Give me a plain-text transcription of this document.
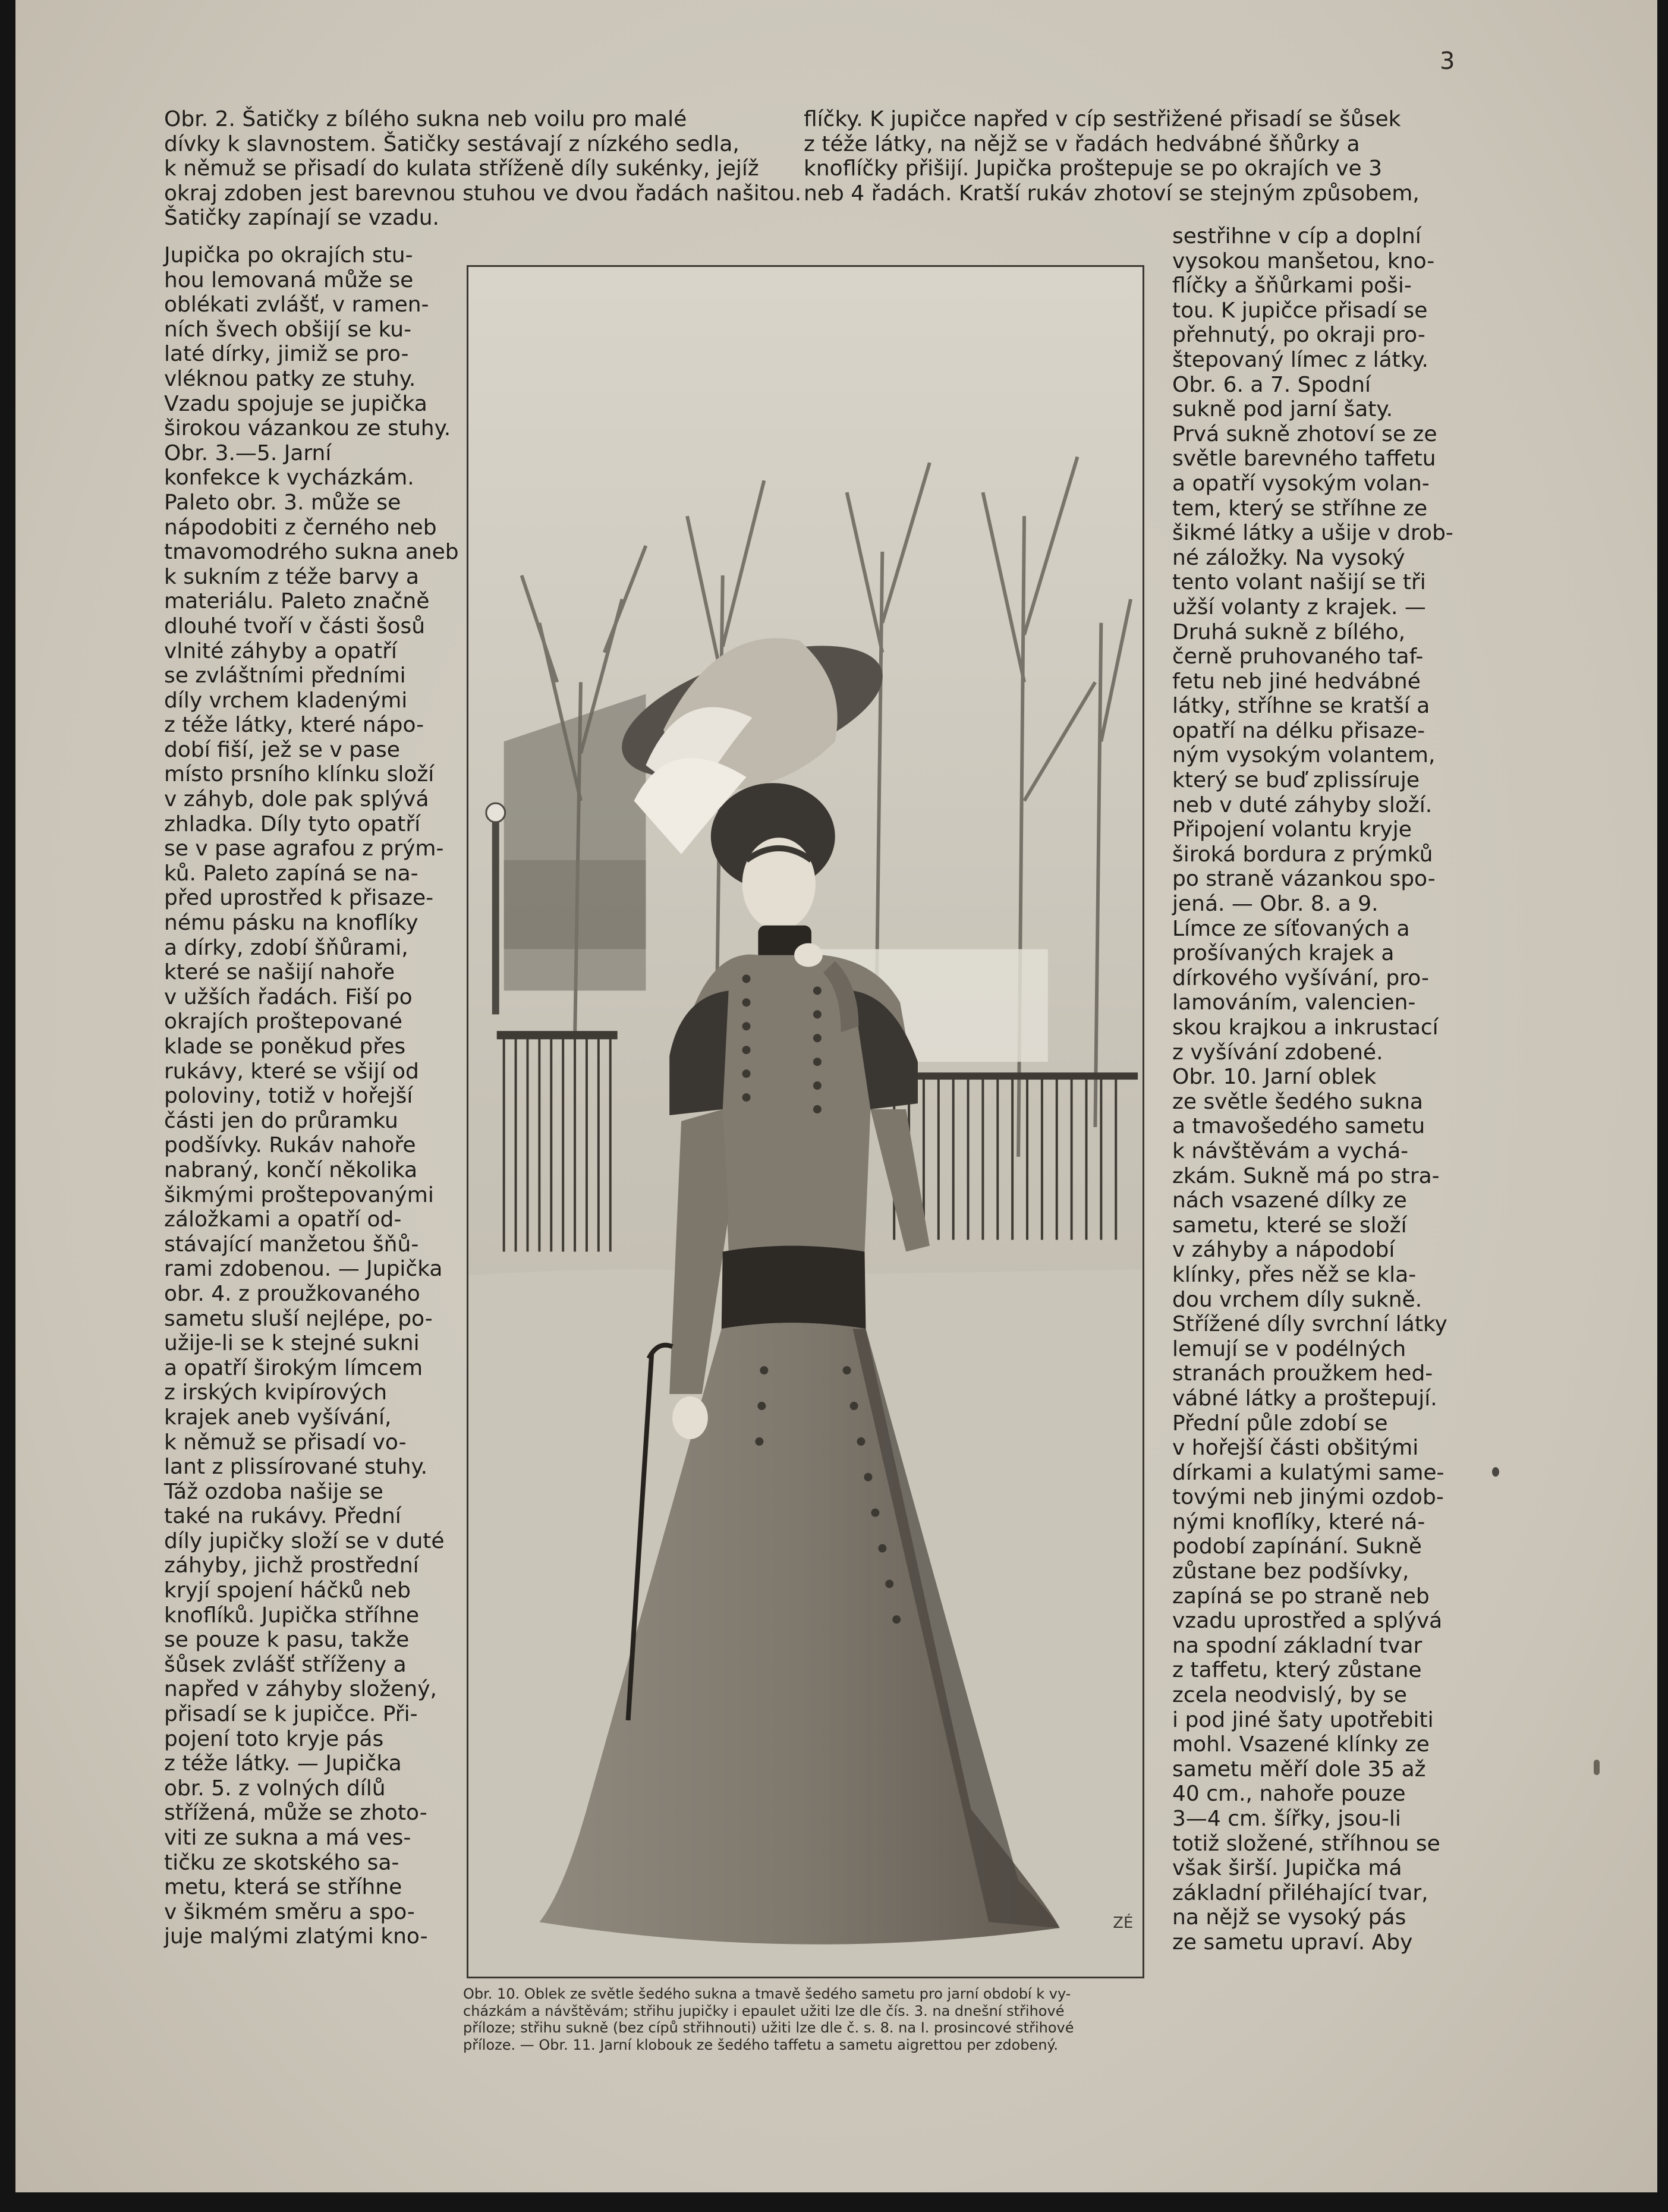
3

Obr. 2. Šatičky z bílého sukna neb voilu pro malé
dívky k slavnostem. Šatičky sestávají z nízkého sedla,
k němuž se přisadí do kulata stříženě díly sukénky, jejíž
okraj zdoben jest barevnou stuhou ve dvou řadách našitou.
Šatičky zapínají se vzadu.

flíčky. K jupičce napřed v cíp sestřižené přisadí se šůsek
z téže látky, na nějž se v řadách hedvábné šňůrky a
knoflíčky přišijí. Jupička proštepuje se po okrajích ve 3
neb 4 řadách. Kratší rukáv zhotoví se stejným způsobem,

Jupička po okrajích stu-
hou lemovaná může se
oblékati zvlášť, v ramen-
ních švech obšijí se ku-
laté dírky, jimiž se pro-
vléknou patky ze stuhy.
Vzadu spojuje se jupička
širokou vázankou ze stuhy.
Obr. 3.—5. Jarní
konfekce k vycházkám.
Paleto obr. 3. může se
nápodobiti z černého neb
tmavomodrého sukna aneb
k sukním z téže barvy a
materiálu. Paleto značně
dlouhé tvoří v části šosů
vlnité záhyby a opatří
se zvláštními předními
díly vrchem kladenými
z téže látky, které nápo-
dobí fiší, jež se v pase
místo prsního klínku složí
v záhyb, dole pak splývá
zhladka. Díly tyto opatří
se v pase agrafou z prým-
ků. Paleto zapíná se na-
před uprostřed k přisaze-
nému pásku na knoflíky
a dírky, zdobí šňůrami,
které se našijí nahoře
v užších řadách. Fiší po
okrajích proštepované
klade se poněkud přes
rukávy, které se všijí od
poloviny, totiž v hořejší
části jen do průramku
podšívky. Rukáv nahoře
nabraný, končí několika
šikmými proštepovanými
záložkami a opatří od-
stávající manžetou šňů-
rami zdobenou. — Jupička
obr. 4. z proužkovaného
sametu sluší nejlépe, po-
užije-li se k stejné sukni
a opatří širokým límcem
z irských kvipírových
krajek aneb vyšívání,
k němuž se přisadí vo-
lant z plissírované stuhy.
Táž ozdoba našije se
také na rukávy. Přední
díly jupičky složí se v duté
záhyby, jichž prostřední
kryjí spojení háčků neb
knoflíků. Jupička stříhne
se pouze k pasu, takže
šůsek zvlášť stříženy a
napřed v záhyby složený,
přisadí se k jupičce. Při-
pojení toto kryje pás
z téže látky. — Jupička
obr. 5. z volných dílů
střížená, může se zhoto-
viti ze sukna a má ves-
tičku ze skotského sa-
metu, která se stříhne
v šikmém směru a spo-
juje malými zlatými kno-

sestřihne v cíp a doplní
vysokou manšetou, kno-
flíčky a šňůrkami poši-
tou. K jupičce přisadí se
přehnutý, po okraji pro-
štepovaný límec z látky.
Obr. 6. a 7. Spodní
sukně pod jarní šaty.
Prvá sukně zhotoví se ze
světle barevného taffetu
a opatří vysokým volan-
tem, který se stříhne ze
šikmé látky a ušije v drob-
né záložky. Na vysoký
tento volant našijí se tři
užší volanty z krajek. —
Druhá sukně z bílého,
černě pruhovaného taf-
fetu neb jiné hedvábné
látky, stříhne se kratší a
opatří na délku přisaze-
ným vysokým volantem,
který se buď zplissíruje
neb v duté záhyby složí.
Připojení volantu kryje
široká bordura z prýmků
po straně vázankou spo-
jená. — Obr. 8. a 9.
Límce ze síťovaných a
prošívaných krajek a
dírkového vyšívání, pro-
lamováním, valencien-
skou krajkou a inkrustací
z vyšívání zdobené.
Obr. 10. Jarní oblek
ze světle šedého sukna
a tmavošedého sametu
k návštěvám a vychá-
zkám. Sukně má po stra-
nách vsazené dílky ze
sametu, které se složí
v záhyby a nápodobí
klínky, přes něž se kla-
dou vrchem díly sukně.
Střížené díly svrchní látky
lemují se v podélných
stranách proužkem hed-
vábné látky a proštepují.
Přední půle zdobí se
v hořejší části obšitými
dírkami a kulatými same-
tovými neb jinými ozdob-
nými knoflíky, které ná-
podobí zapínání. Sukně
zůstane bez podšívky,
zapíná se po straně neb
vzadu uprostřed a splývá
na spodní základní tvar
z taffetu, který zůstane
zcela neodvislý, by se
i pod jiné šaty upotřebiti
mohl. Vsazené klínky ze
sametu měří dole 35 až
40 cm., nahoře pouze
3—4 cm. šířky, jsou-li
totiž složené, stříhnou se
však širší. Jupička má
základní přiléhající tvar,
na nějž se vysoký pás
ze sametu upraví. Aby

ZÉ
Obr. 10. Oblek ze světle šedého sukna a tmavě šedého sametu pro jarní období k vy-
cházkám a návštěvám; střihu jupičky i epaulet užiti lze dle čís. 3. na dnešní střihové
příloze; střihu sukně (bez cípů střihnouti) užiti lze dle č. s. 8. na I. prosincové střihové
příloze. — Obr. 11. Jarní klobouk ze šedého taffetu a sametu aigrettou per zdobený.
